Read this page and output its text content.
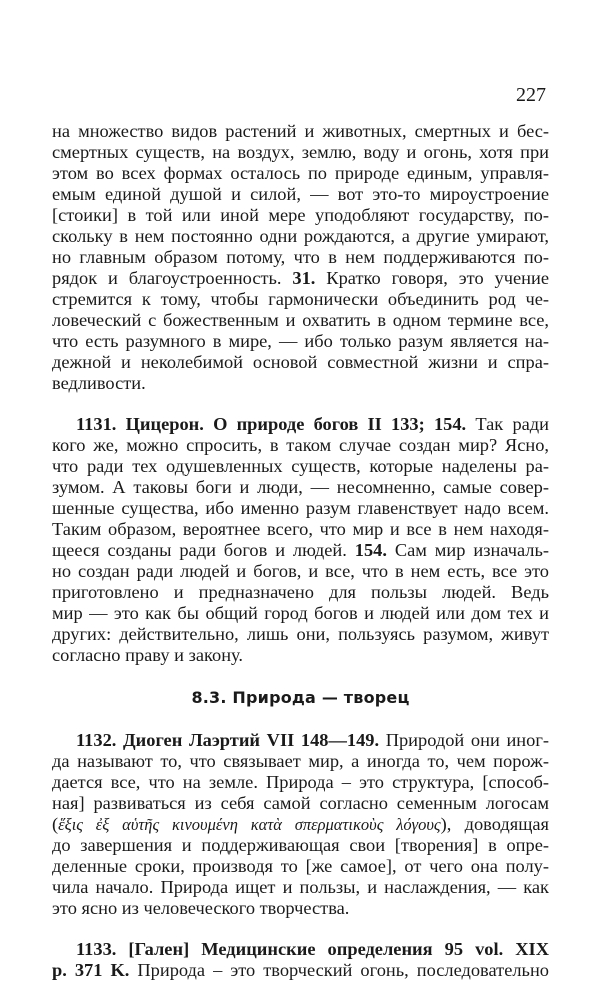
227
на множество видов растений и животных, смертных и бес-
смертных существ, на воздух, землю, воду и огонь, хотя при
этом во всех формах осталось по природе единым, управля-
емым единой душой и силой, — вот это-то мироустроение
[стоики] в той или иной мере уподобляют государству, по-
скольку в нем постоянно одни рождаются, а другие умирают,
но главным образом потому, что в нем поддерживаются по-
рядок и благоустроенность. 31. Кратко говоря, это учение
стремится к тому, чтобы гармонически объединить род че-
ловеческий с божественным и охватить в одном термине все,
что есть разумного в мире, — ибо только разум является на-
дежной и неколебимой основой совместной жизни и спра-
ведливости.
1131. Цицерон. О природе богов II 133; 154. Так ради
кого же, можно спросить, в таком случае создан мир? Ясно,
что ради тех одушевленных существ, которые наделены ра-
зумом. А таковы боги и люди, — несомненно, самые совер-
шенные существа, ибо именно разум главенствует надо всем.
Таким образом, вероятнее всего, что мир и все в нем находя-
щееся созданы ради богов и людей. 154. Сам мир изначаль-
но создан ради людей и богов, и все, что в нем есть, все это
приготовлено и предназначено для пользы людей. Ведь
мир — это как бы общий город богов и людей или дом тех и
других: действительно, лишь они, пользуясь разумом, живут
согласно праву и закону.
8.3. Природа — творец
1132. Диоген Лаэртий VII 148—149. Природой они иног-
да называют то, что связывает мир, а иногда то, чем порож-
дается все, что на земле. Природа – это структура, [способ-
ная] развиваться из себя самой согласно семенным логосам
(ἕξις ἐξ αὑτῆς κινουμένη κατὰ σπερματικοὺς λόγους), доводящая
до завершения и поддерживающая свои [творения] в опре-
деленные сроки, производя то [же самое], от чего она полу-
чила начало. Природа ищет и пользы, и наслаждения, — как
это ясно из человеческого творчества.
1133. [Гален] Медицинские определения 95 vol. XIX
p. 371 K. Природа – это творческий огонь, последовательно
